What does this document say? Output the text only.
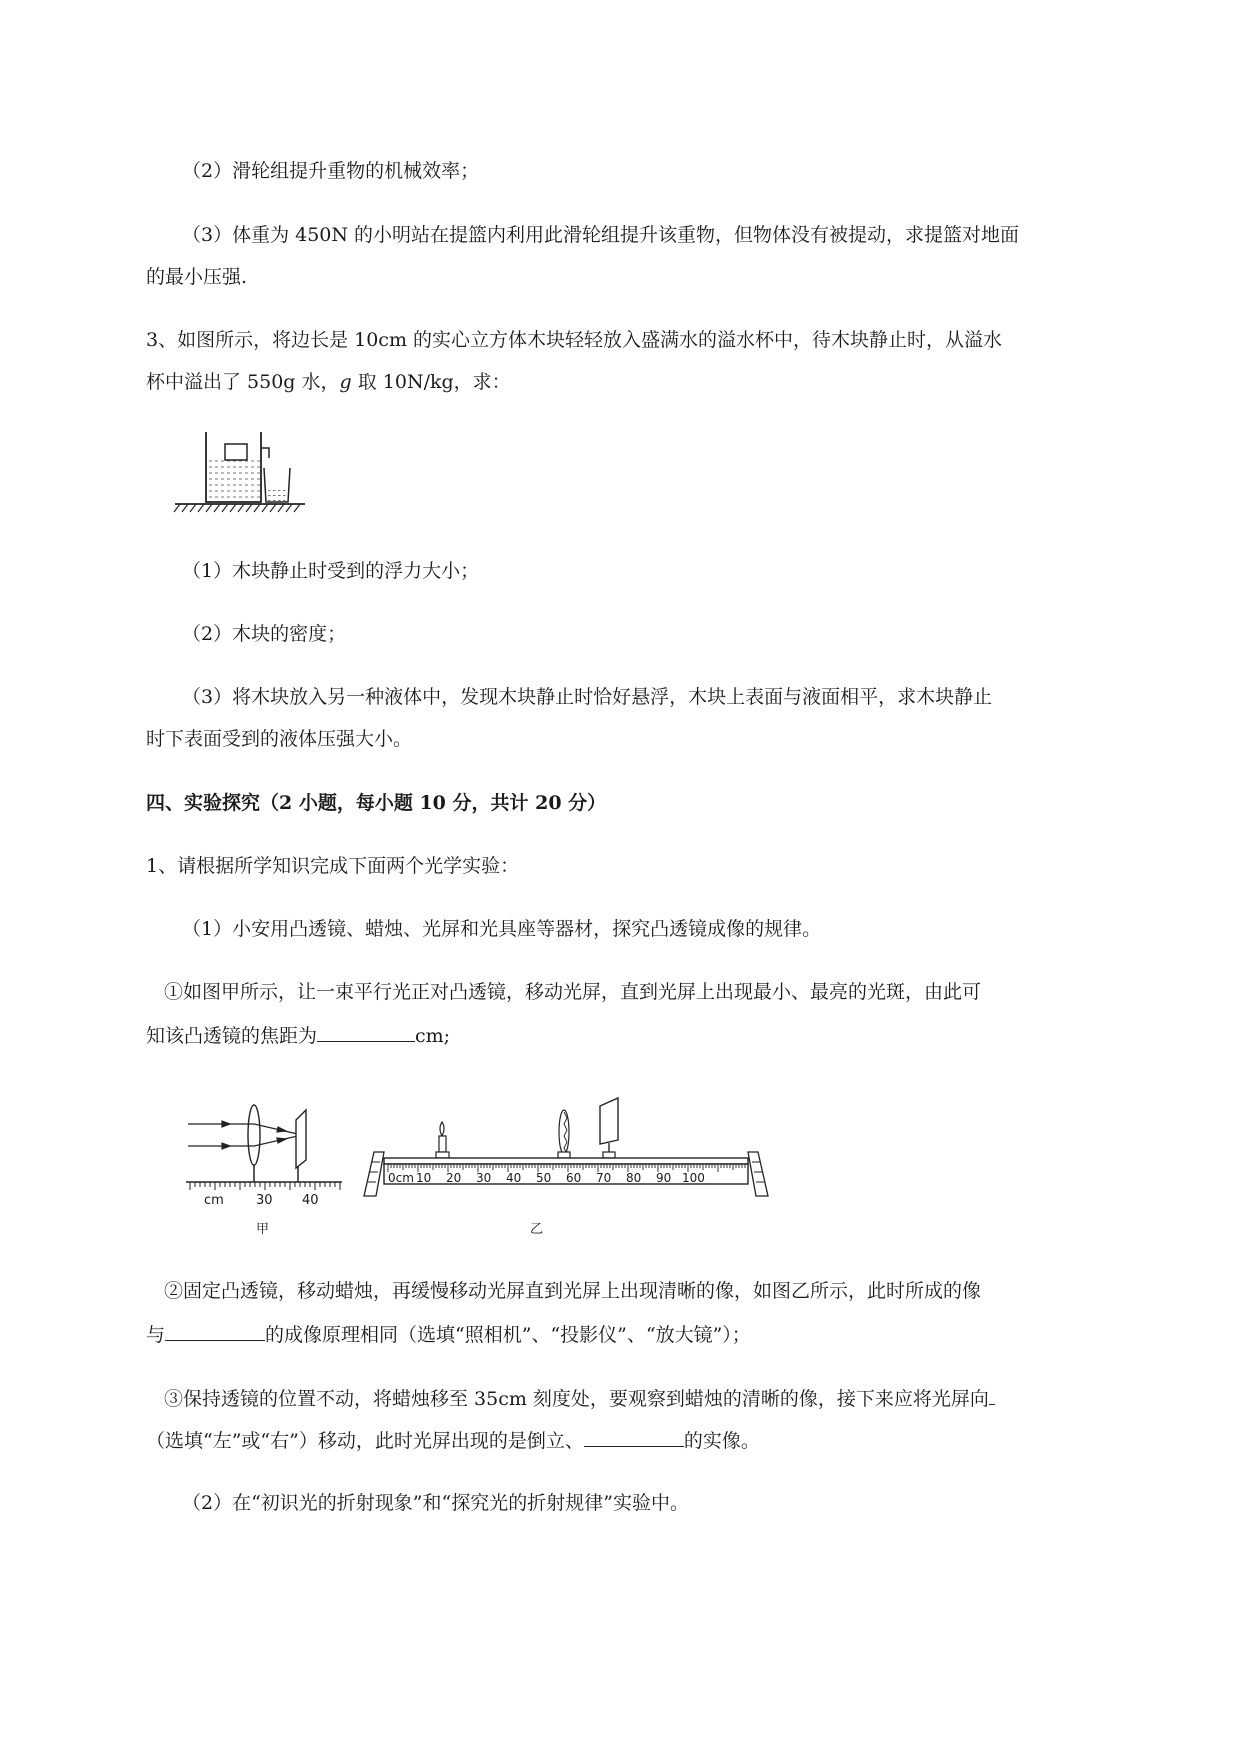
（2）滑轮组提升重物的机械效率；
（3）体重为 450N 的小明站在提篮内利用此滑轮组提升该重物，但物体没有被提动，求提篮对地面
的最小压强.
3、如图所示，将边长是 10cm 的实心立方体木块轻轻放入盛满水的溢水杯中，待木块静止时，从溢水
杯中溢出了 550g 水，g 取 10N/kg，求：
（1）木块静止时受到的浮力大小；
（2）木块的密度；
（3）将木块放入另一种液体中，发现木块静止时恰好悬浮，木块上表面与液面相平，求木块静止
时下表面受到的液体压强大小。
四、实验探究（2 小题，每小题 10 分，共计 20 分）
1、请根据所学知识完成下面两个光学实验：
（1）小安用凸透镜、蜡烛、光屏和光具座等器材，探究凸透镜成像的规律。
①如图甲所示，让一束平行光正对凸透镜，移动光屏，直到光屏上出现最小、最亮的光斑，由此可
知该凸透镜的焦距为	cm;
cm 30 40
甲
0cm 10 20 30 40 50 60 70 80 90 100
乙
②固定凸透镜，移动蜡烛，再缓慢移动光屏直到光屏上出现清晰的像，如图乙所示，此时所成的像
与	的成像原理相同（选填“照相机”、“投影仪”、“放大镜”）；
③保持透镜的位置不动，将蜡烛移至 35cm 刻度处，要观察到蜡烛的清晰的像，接下来应将光屏向
（选填“左”或“右”）移动，此时光屏出现的是倒立、	的实像。
（2）在“初识光的折射现象”和“探究光的折射规律”实验中。
